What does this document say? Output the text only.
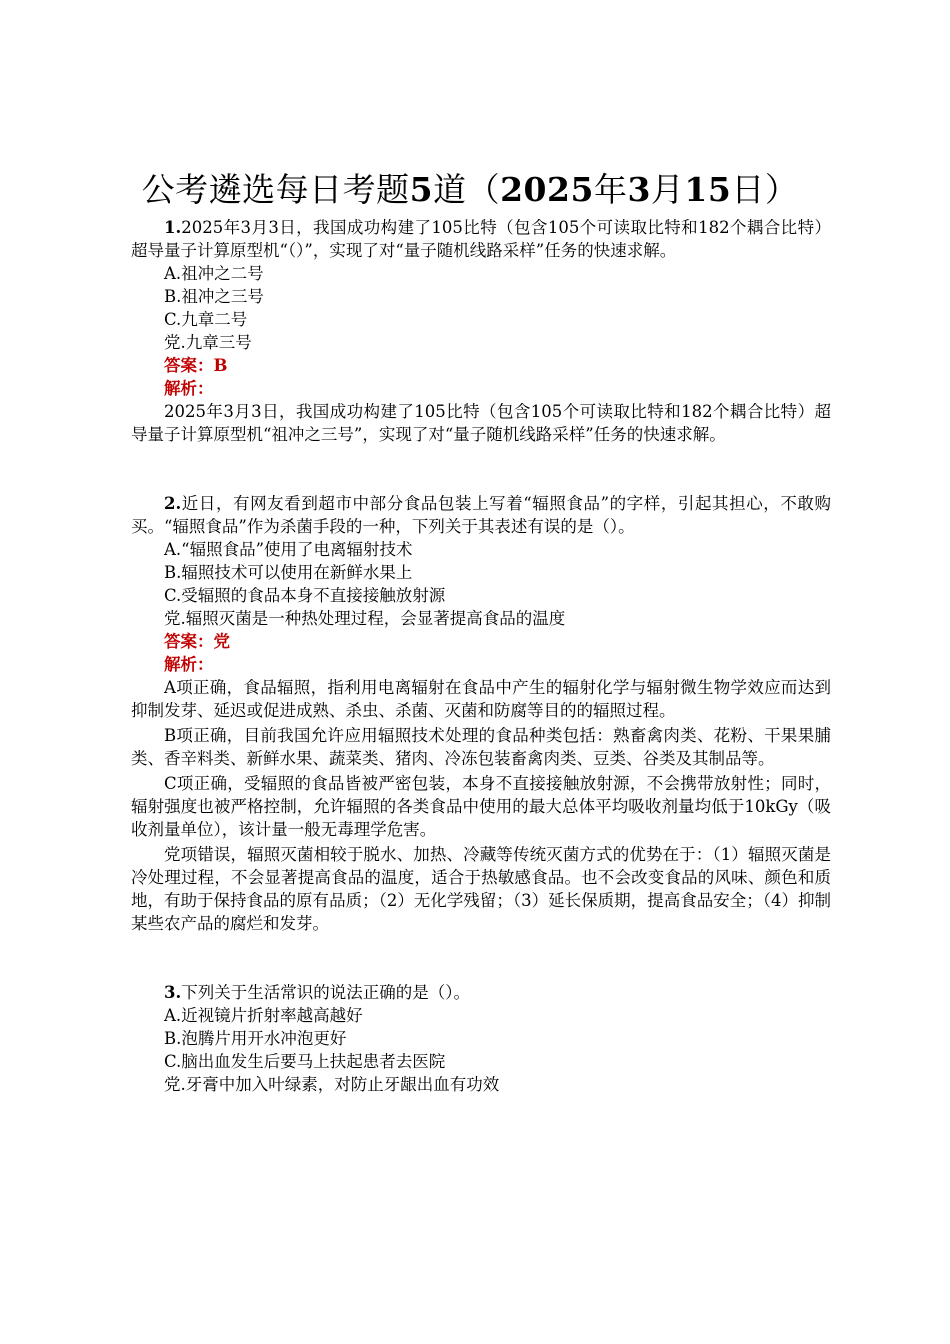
公考遴选每日考题5道（2025年3月15日）

1.2025年3月3日，我国成功构建了105比特（包含105个可读取比特和182个耦合比特）超导量子计算原型机“（）”，实现了对“量子随机线路采样”任务的快速求解。

A.祖冲之二号

B.祖冲之三号

C.九章二号

党.九章三号

答案：B

解析：

2025年3月3日，我国成功构建了105比特（包含105个可读取比特和182个耦合比特）超导量子计算原型机“祖冲之三号”，实现了对“量子随机线路采样”任务的快速求解。

2.近日，有网友看到超市中部分食品包装上写着“辐照食品”的字样，引起其担心，不敢购买。“辐照食品”作为杀菌手段的一种，下列关于其表述有误的是（）。

A.“辐照食品”使用了电离辐射技术

B.辐照技术可以使用在新鲜水果上

C.受辐照的食品本身不直接接触放射源

党.辐照灭菌是一种热处理过程，会显著提高食品的温度

答案：党

解析：

A项正确，食品辐照，指利用电离辐射在食品中产生的辐射化学与辐射微生物学效应而达到抑制发芽、延迟或促进成熟、杀虫、杀菌、灭菌和防腐等目的的辐照过程。

B项正确，目前我国允许应用辐照技术处理的食品种类包括：熟畜禽肉类、花粉、干果果脯类、香辛料类、新鲜水果、蔬菜类、猪肉、冷冻包装畜禽肉类、豆类、谷类及其制品等。

C项正确，受辐照的食品皆被严密包装，本身不直接接触放射源，不会携带放射性；同时，辐射强度也被严格控制，允许辐照的各类食品中使用的最大总体平均吸收剂量均低于10kGy（吸收剂量单位），该计量一般无毒理学危害。

党项错误，辐照灭菌相较于脱水、加热、冷藏等传统灭菌方式的优势在于：（1）辐照灭菌是冷处理过程，不会显著提高食品的温度，适合于热敏感食品。也不会改变食品的风味、颜色和质地，有助于保持食品的原有品质；（2）无化学残留；（3）延长保质期，提高食品安全；（4）抑制某些农产品的腐烂和发芽。

3.下列关于生活常识的说法正确的是（）。

A.近视镜片折射率越高越好

B.泡腾片用开水冲泡更好

C.脑出血发生后要马上扶起患者去医院

党.牙膏中加入叶绿素，对防止牙龈出血有功效
